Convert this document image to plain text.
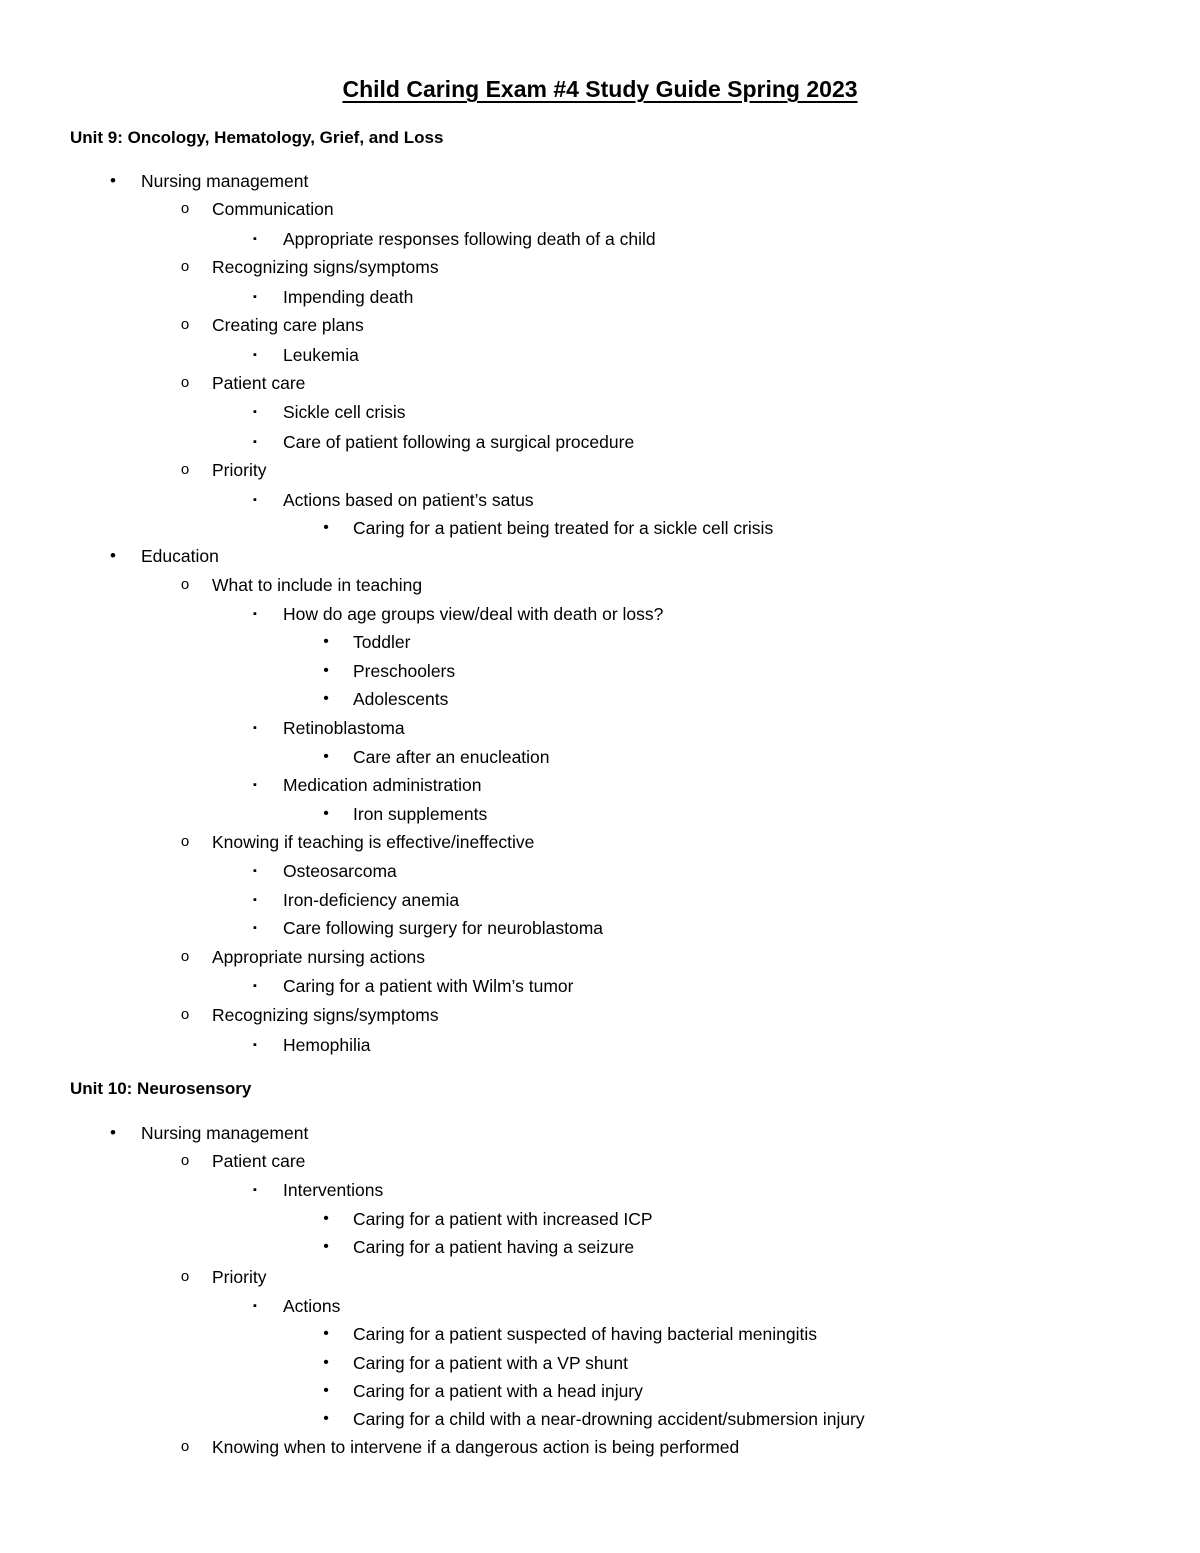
Child Caring Exam #4 Study Guide Spring 2023
Unit 9: Oncology, Hematology, Grief, and Loss
• Nursing management
o Communication
▪ Appropriate responses following death of a child
o Recognizing signs/symptoms
▪ Impending death
o Creating care plans
▪ Leukemia
o Patient care
▪ Sickle cell crisis
▪ Care of patient following a surgical procedure
o Priority
▪ Actions based on patient’s satus
• Caring for a patient being treated for a sickle cell crisis
• Education
o What to include in teaching
▪ How do age groups view/deal with death or loss?
• Toddler
• Preschoolers
• Adolescents
▪ Retinoblastoma
• Care after an enucleation
▪ Medication administration
• Iron supplements
o Knowing if teaching is effective/ineffective
▪ Osteosarcoma
▪ Iron-deficiency anemia
▪ Care following surgery for neuroblastoma
o Appropriate nursing actions
▪ Caring for a patient with Wilm’s tumor
o Recognizing signs/symptoms
▪ Hemophilia
Unit 10: Neurosensory
• Nursing management
o Patient care
▪ Interventions
• Caring for a patient with increased ICP
• Caring for a patient having a seizure
o Priority
▪ Actions
• Caring for a patient suspected of having bacterial meningitis
• Caring for a patient with a VP shunt
• Caring for a patient with a head injury
• Caring for a child with a near-drowning accident/submersion injury
o Knowing when to intervene if a dangerous action is being performed
